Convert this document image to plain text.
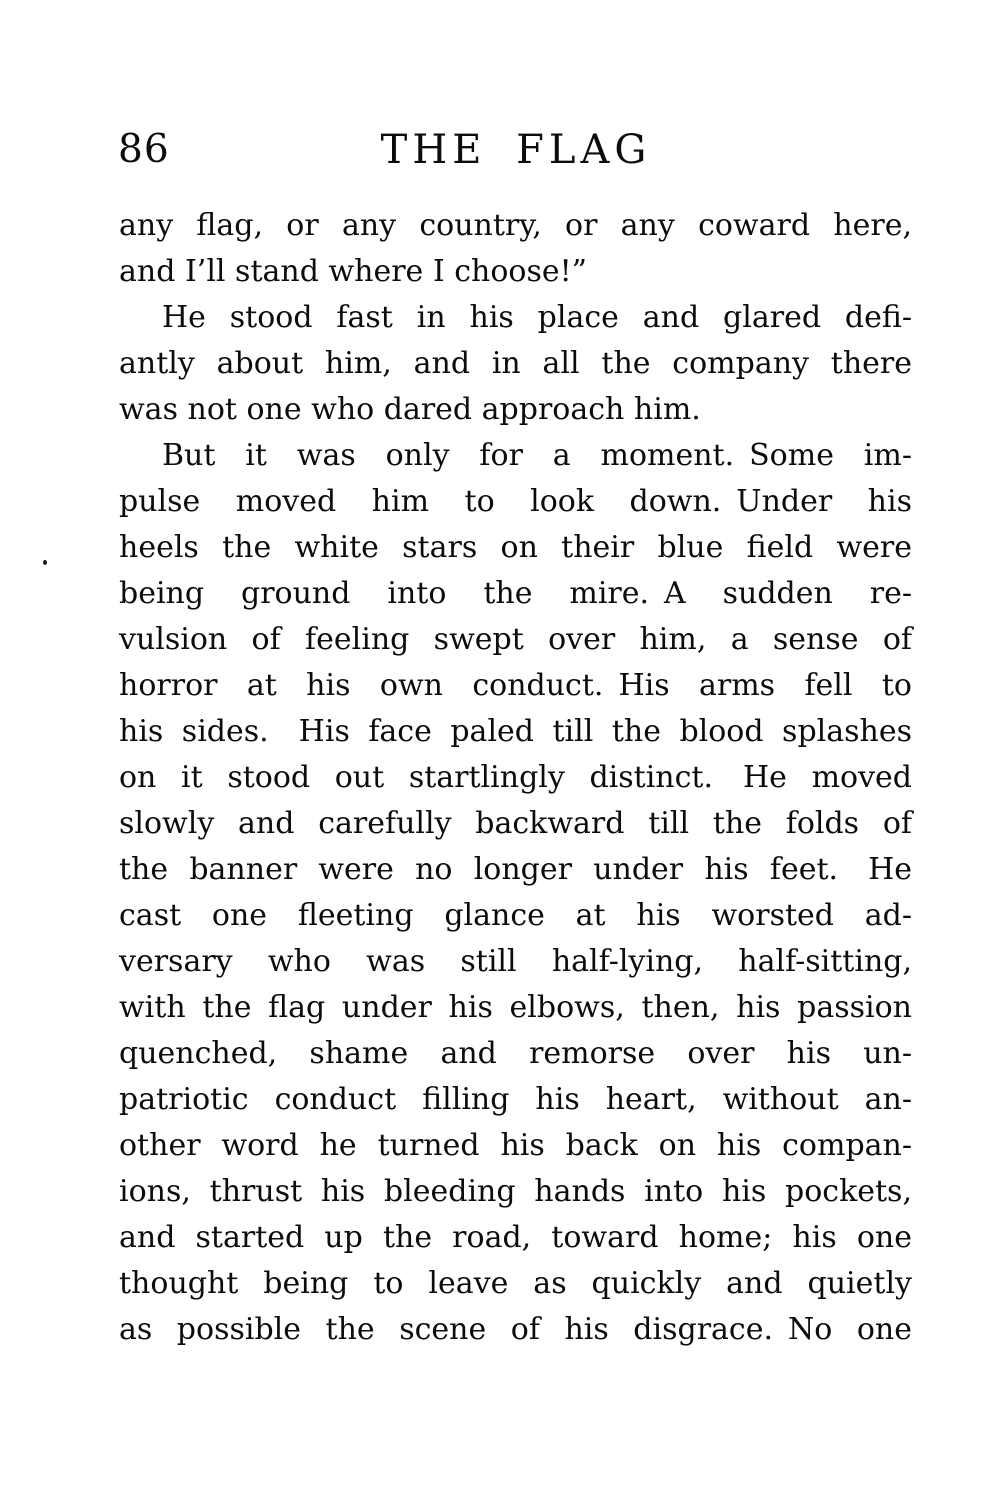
86	THE FLAG
any flag, or any country, or any coward here,
and I’ll stand where I choose!”
He stood fast in his place and glared defi-
antly about him, and in all the company there
was not one who dared approach him.
But it was only for a moment. Some im-
pulse moved him to look down. Under his
heels the white stars on their blue field were
being ground into the mire. A sudden re-
vulsion of feeling swept over him, a sense of
horror at his own conduct. His arms fell to
his sides. His face paled till the blood splashes
on it stood out startlingly distinct. He moved
slowly and carefully backward till the folds of
the banner were no longer under his feet. He
cast one fleeting glance at his worsted ad-
versary who was still half-lying, half-sitting,
with the flag under his elbows, then, his passion
quenched, shame and remorse over his un-
patriotic conduct filling his heart, without an-
other word he turned his back on his compan-
ions, thrust his bleeding hands into his pockets,
and started up the road, toward home; his one
thought being to leave as quickly and quietly
as possible the scene of his disgrace. No one
